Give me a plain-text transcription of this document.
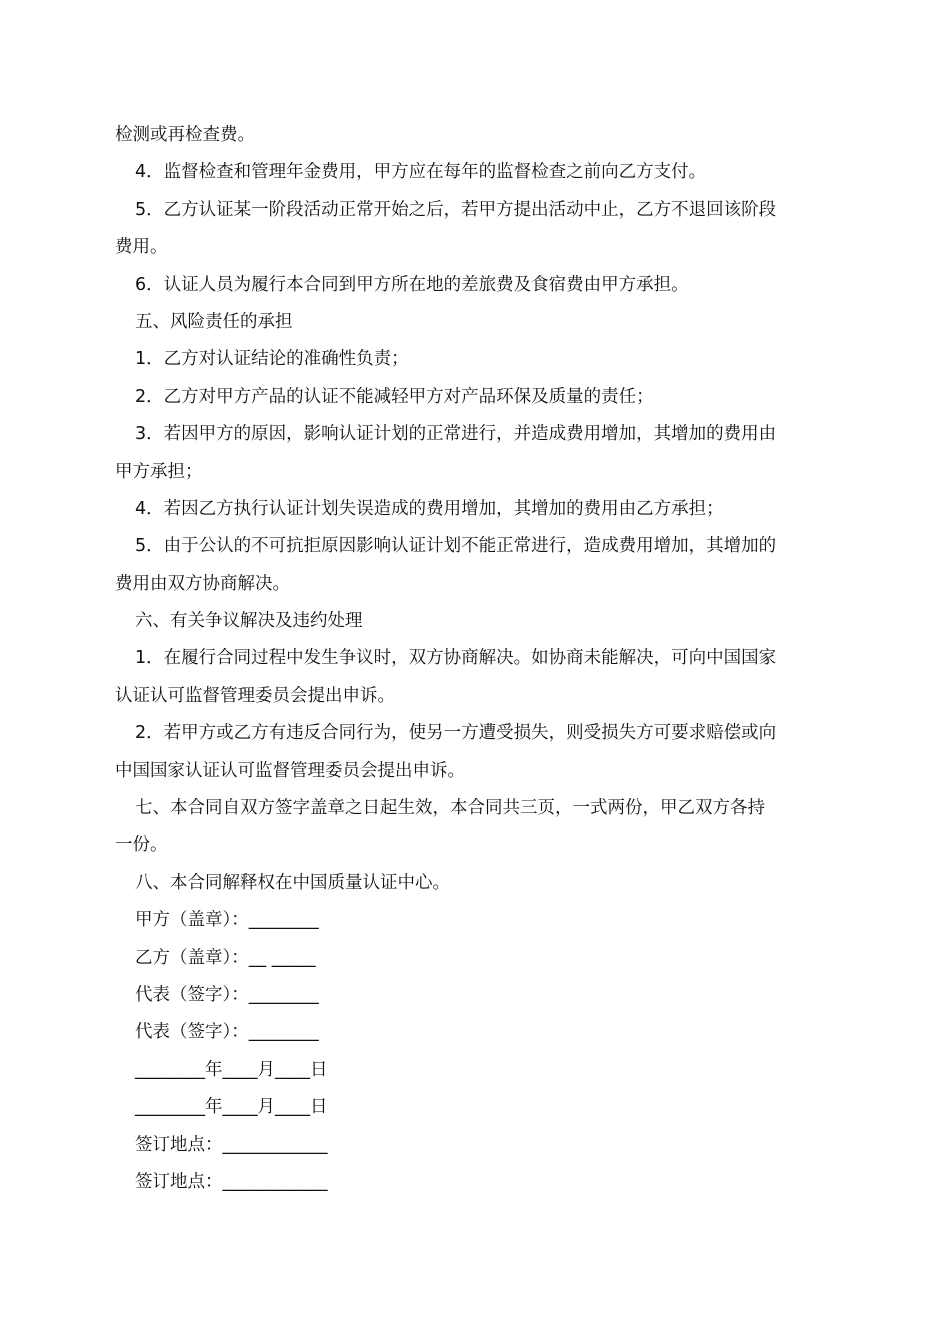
检测或再检查费。
4．监督检查和管理年金费用，甲方应在每年的监督检查之前向乙方支付。
5．乙方认证某一阶段活动正常开始之后，若甲方提出活动中止，乙方不退回该阶段
费用。
6．认证人员为履行本合同到甲方所在地的差旅费及食宿费由甲方承担。
五、风险责任的承担
1．乙方对认证结论的准确性负责；
2．乙方对甲方产品的认证不能减轻甲方对产品环保及质量的责任；
3．若因甲方的原因，影响认证计划的正常进行，并造成费用增加，其增加的费用由
甲方承担；
4．若因乙方执行认证计划失误造成的费用增加，其增加的费用由乙方承担；
5．由于公认的不可抗拒原因影响认证计划不能正常进行，造成费用增加，其增加的
费用由双方协商解决。
六、有关争议解决及违约处理
1．在履行合同过程中发生争议时，双方协商解决。如协商未能解决，可向中国国家
认证认可监督管理委员会提出申诉。
2．若甲方或乙方有违反合同行为，使另一方遭受损失，则受损失方可要求赔偿或向
中国国家认证认可监督管理委员会提出申诉。
七、本合同自双方签字盖章之日起生效，本合同共三页，一式两份，甲乙双方各持
一份。
八、本合同解释权在中国质量认证中心。
甲方（盖章）：________
乙方（盖章）：__ _____
代表（签字）：________
代表（签字）：________
________年____月____日
________年____月____日
签订地点：____________
签订地点：____________
